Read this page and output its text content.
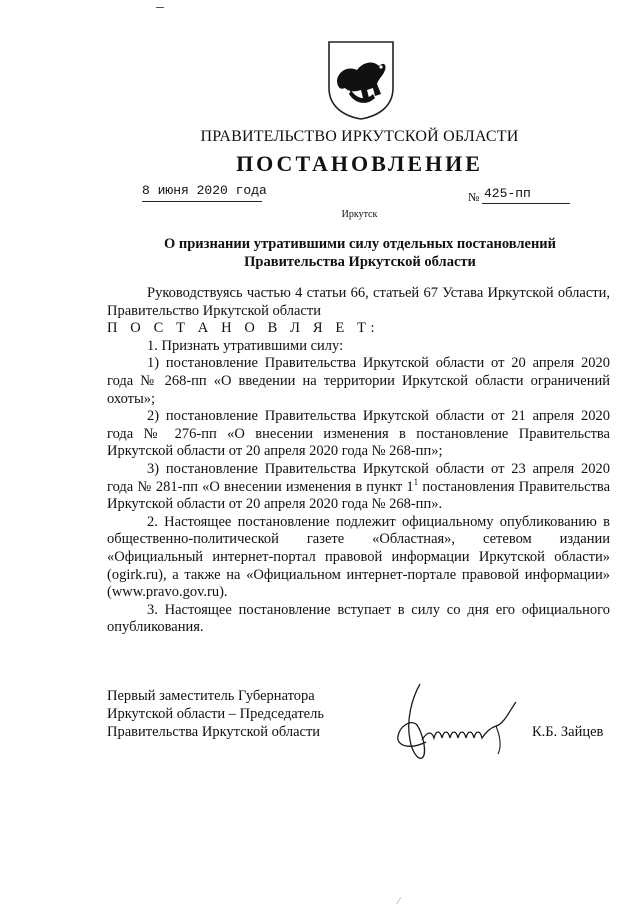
ПРАВИТЕЛЬСТВО ИРКУТСКОЙ ОБЛАСТИ
ПОСТАНОВЛЕНИЕ
8 июня 2020 года	№ 425-пп
Иркутск
О признании утратившими силу отдельных постановлений
Правительства Иркутской области

Руководствуясь частью 4 статьи 66, статьей 67 Устава Иркутской области, Правительство Иркутской области

П О С Т А Н О В Л Я Е Т:

1. Признать утратившими силу:

1) постановление Правительства Иркутской области от 20 апреля 2020 года № 268-пп «О введении на территории Иркутской области ограничений охоты»;

2) постановление Правительства Иркутской области от 21 апреля 2020 года № 276-пп «О внесении изменения в постановление Правительства Иркутской области от 20 апреля 2020 года № 268-пп»;

3) постановление Правительства Иркутской области от 23 апреля 2020 года № 281-пп «О внесении изменения в пункт $1^1$ постановления Правительства Иркутской области от 20 апреля 2020 года № 268-пп».

2. Настоящее постановление подлежит официальному опубликованию в общественно-политической газете «Областная», сетевом издании «Официальный интернет-портал правовой информации Иркутской области» (ogirk.ru), а также на «Официальном интернет-портале правовой информации» (www.pravo.gov.ru).

3. Настоящее постановление вступает в силу со дня его официального опубликования.

Первый заместитель Губернатора
Иркутской области – Председатель
Правительства Иркутской области	К.Б. Зайцев
⁄
